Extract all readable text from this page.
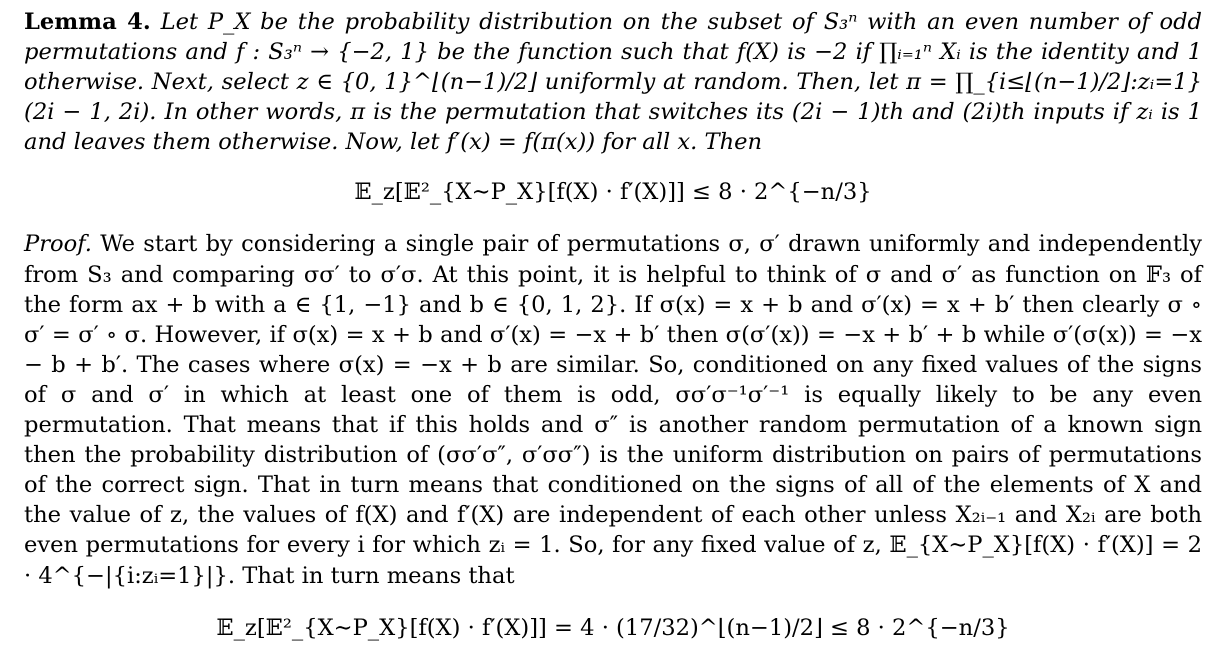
Lemma 4. Let P_X be the probability distribution on the subset of S₃ⁿ with an even number of odd permutations and f : S₃ⁿ → {−2, 1} be the function such that f(X) is −2 if ∏ᵢ₌₁ⁿ Xᵢ is the identity and 1 otherwise. Next, select z ∈ {0, 1}^⌊(n−1)/2⌋ uniformly at random. Then, let π = ∏_{i≤⌊(n−1)/2⌋:zᵢ=1} (2i − 1, 2i). In other words, π is the permutation that switches its (2i − 1)th and (2i)th inputs if zᵢ is 1 and leaves them otherwise. Now, let f′(x) = f(π(x)) for all x. Then

𝔼_z[𝔼²_{X∼P_X}[f(X) · f′(X)]] ≤ 8 · 2^{−n/3}

Proof. We start by considering a single pair of permutations σ, σ′ drawn uniformly and independently from S₃ and comparing σσ′ to σ′σ. At this point, it is helpful to think of σ and σ′ as function on 𝔽₃ of the form ax + b with a ∈ {1, −1} and b ∈ {0, 1, 2}. If σ(x) = x + b and σ′(x) = x + b′ then clearly σ ∘ σ′ = σ′ ∘ σ. However, if σ(x) = x + b and σ′(x) = −x + b′ then σ(σ′(x)) = −x + b′ + b while σ′(σ(x)) = −x − b + b′. The cases where σ(x) = −x + b are similar. So, conditioned on any fixed values of the signs of σ and σ′ in which at least one of them is odd, σσ′σ⁻¹σ′⁻¹ is equally likely to be any even permutation. That means that if this holds and σ″ is another random permutation of a known sign then the probability distribution of (σσ′σ″, σ′σσ″) is the uniform distribution on pairs of permutations of the correct sign. That in turn means that conditioned on the signs of all of the elements of X and the value of z, the values of f(X) and f′(X) are independent of each other unless X₂ᵢ₋₁ and X₂ᵢ are both even permutations for every i for which zᵢ = 1. So, for any fixed value of z, 𝔼_{X∼P_X}[f(X) · f′(X)] = 2 · 4^{−|{i:zᵢ=1}|}. That in turn means that

𝔼_z[𝔼²_{X∼P_X}[f(X) · f′(X)]] = 4 · (17/32)^⌊(n−1)/2⌋ ≤ 8 · 2^{−n/3}
